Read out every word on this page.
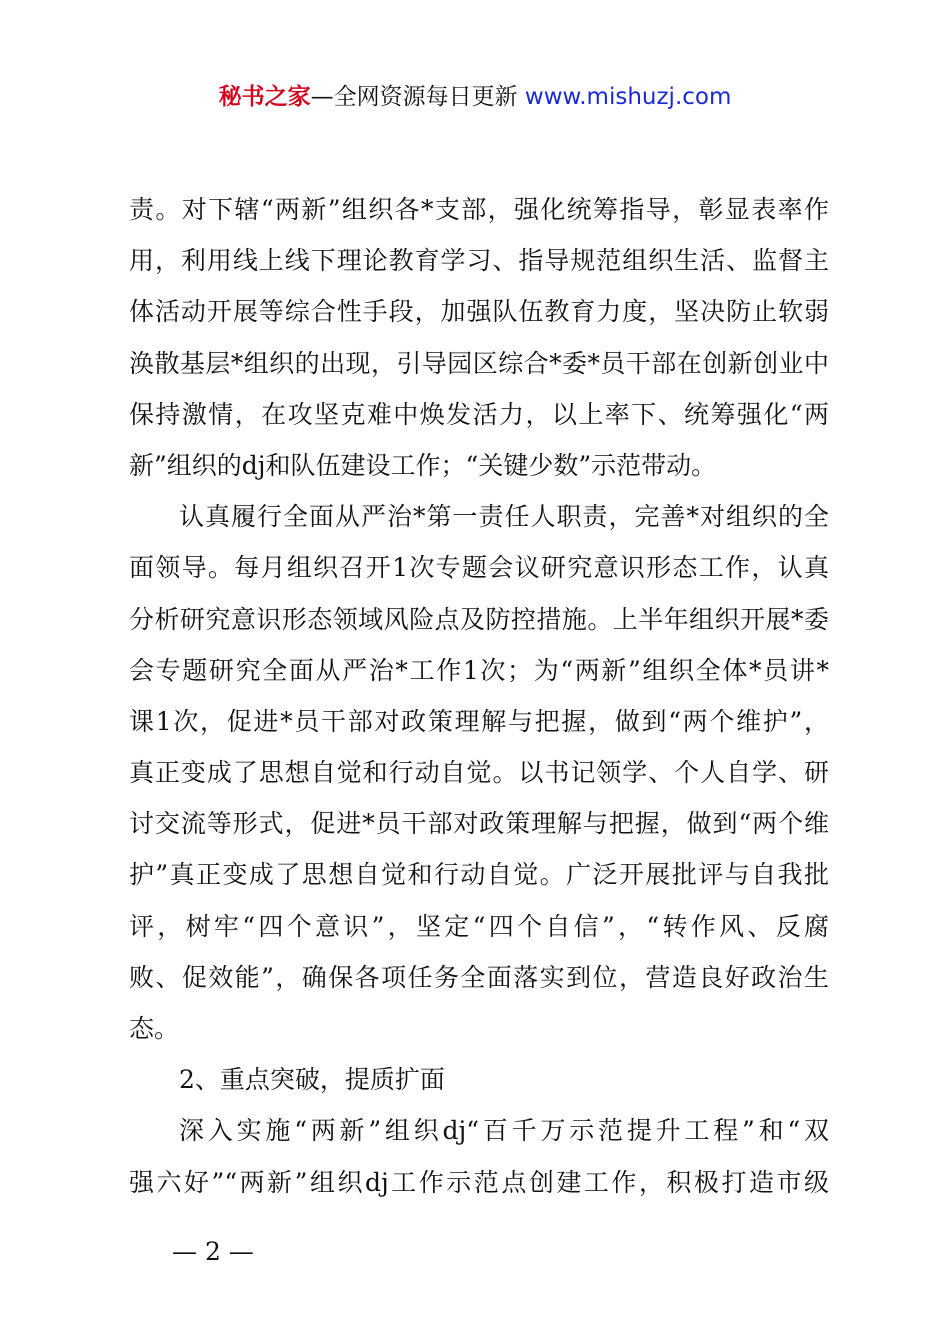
秘书之家—全网资源每日更新 www.mishuzj.com
责。对下辖“两新”组织各*支部，强化统筹指导，彰显表率作
用，利用线上线下理论教育学习、指导规范组织生活、监督主
体活动开展等综合性手段，加强队伍教育力度，坚决防止软弱
涣散基层*组织的出现，引导园区综合*委*员干部在创新创业中
保持激情，在攻坚克难中焕发活力，以上率下、统筹强化“两
新”组织的dj和队伍建设工作；“关键少数”示范带动。
认真履行全面从严治*第一责任人职责，完善*对组织的全
面领导。每月组织召开1次专题会议研究意识形态工作，认真
分析研究意识形态领域风险点及防控措施。上半年组织开展*委
会专题研究全面从严治*工作1次；为“两新”组织全体*员讲*
课1次，促进*员干部对政策理解与把握，做到“两个维护”，
真正变成了思想自觉和行动自觉。以书记领学、个人自学、研
讨交流等形式，促进*员干部对政策理解与把握，做到“两个维
护”真正变成了思想自觉和行动自觉。广泛开展批评与自我批
评，树牢“四个意识”，坚定“四个自信”，“转作风、反腐
败、促效能”，确保各项任务全面落实到位，营造良好政治生
态。
2、重点突破，提质扩面
深入实施“两新”组织dj“百千万示范提升工程”和“双
强六好”“两新”组织dj工作示范点创建工作，积极打造市级
— 2 —
